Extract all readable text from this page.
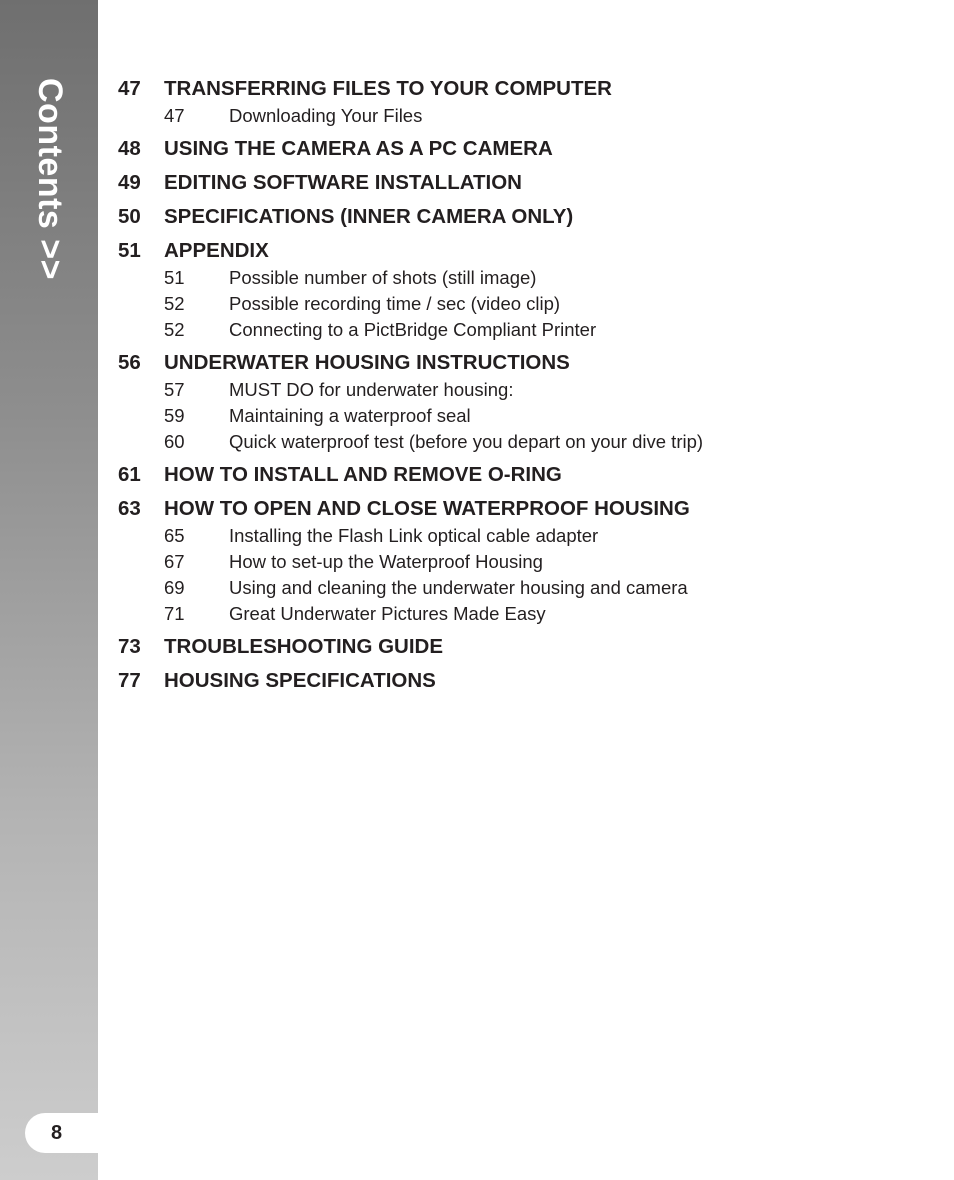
Contents >>
8
47	TRANSFERRING FILES TO YOUR COMPUTER
47	Downloading Your Files
48	USING THE CAMERA AS A PC CAMERA
49	EDITING SOFTWARE INSTALLATION
50	SPECIFICATIONS (INNER CAMERA ONLY)
51	APPENDIX
51	Possible number of shots (still image)
52	Possible recording time / sec (video clip)
52	Connecting to a PictBridge Compliant Printer
56	UNDERWATER HOUSING INSTRUCTIONS
57	MUST DO for underwater housing:
59	Maintaining a waterproof seal
60	Quick waterproof test (before you depart on your dive trip)
61	HOW TO INSTALL AND REMOVE O-RING
63	HOW TO OPEN AND CLOSE WATERPROOF HOUSING
65	Installing the Flash Link optical cable adapter
67	How to set-up the Waterproof Housing
69	Using and cleaning the underwater housing and camera
71	Great Underwater Pictures Made Easy
73	TROUBLESHOOTING GUIDE
77	HOUSING SPECIFICATIONS
